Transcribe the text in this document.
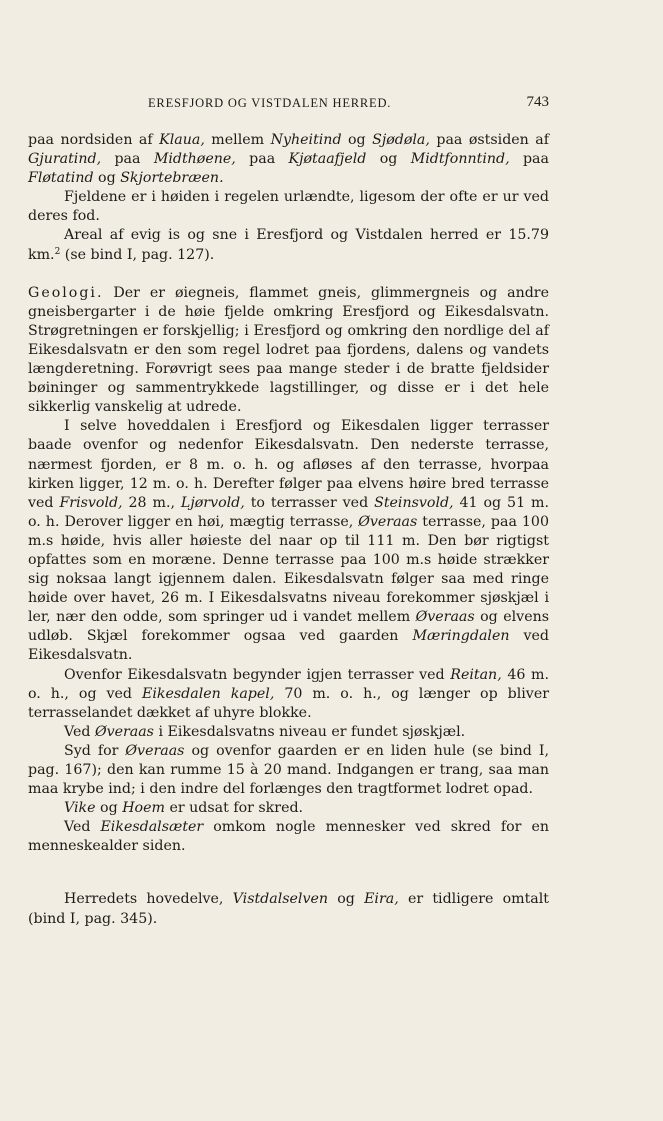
ERESFJORD OG VISTDALEN HERRED.	743

paa nordsiden af Klaua, mellem Nyheitind og Sjødøla, paa østsiden af Gjuratind, paa Midthøene, paa Kjøtaafjeld og Midtfonntind, paa Fløtatind og Skjortebræen.

Fjeldene er i høiden i regelen urlændte, ligesom der ofte er ur ved deres fod.

Areal af evig is og sne i Eresfjord og Vistdalen herred er 15.79 km.$^2$ (se bind I, pag. 127).

Geologi. Der er øiegneis, flammet gneis, glimmergneis og andre gneisbergarter i de høie fjelde omkring Eresfjord og Eikesdalsvatn. Strøgretningen er forskjellig; i Eresfjord og omkring den nordlige del af Eikesdalsvatn er den som regel lodret paa fjordens, dalens og vandets længderetning. Forøvrigt sees paa mange steder i de bratte fjeldsider bøininger og sammentrykkede lagstillinger, og disse er i det hele sikkerlig vanskelig at udrede.

I selve hoveddalen i Eresfjord og Eikesdalen ligger terrasser baade ovenfor og nedenfor Eikesdalsvatn. Den nederste terrasse, nærmest fjorden, er 8 m. o. h. og afløses af den terrasse, hvorpaa kirken ligger, 12 m. o. h. Derefter følger paa elvens høire bred terrasse ved Frisvold, 28 m., Ljørvold, to terrasser ved Steinsvold, 41 og 51 m. o. h. Derover ligger en høi, mægtig terrasse, Øveraas terrasse, paa 100 m.s høide, hvis aller høieste del naar op til 111 m. Den bør rigtigst opfattes som en moræne. Denne terrasse paa 100 m.s høide strækker sig noksaa langt igjennem dalen. Eikesdalsvatn følger saa med ringe høide over havet, 26 m. I Eikesdalsvatns niveau forekommer sjøskjæl i ler, nær den odde, som springer ud i vandet mellem Øveraas og elvens udløb. Skjæl forekommer ogsaa ved gaarden Mæringdalen ved Eikesdalsvatn.

Ovenfor Eikesdalsvatn begynder igjen terrasser ved Reitan, 46 m. o. h., og ved Eikesdalen kapel, 70 m. o. h., og længer op bliver terrasselandet dækket af uhyre blokke.

Ved Øveraas i Eikesdalsvatns niveau er fundet sjøskjæl.

Syd for Øveraas og ovenfor gaarden er en liden hule (se bind I, pag. 167); den kan rumme 15 à 20 mand. Indgangen er trang, saa man maa krybe ind; i den indre del forlænges den tragtformet lodret opad.

Vike og Hoem er udsat for skred.

Ved Eikesdalsæter omkom nogle mennesker ved skred for en menneskealder siden.

Herredets hovedelve, Vistdalselven og Eira, er tidligere omtalt (bind I, pag. 345).
